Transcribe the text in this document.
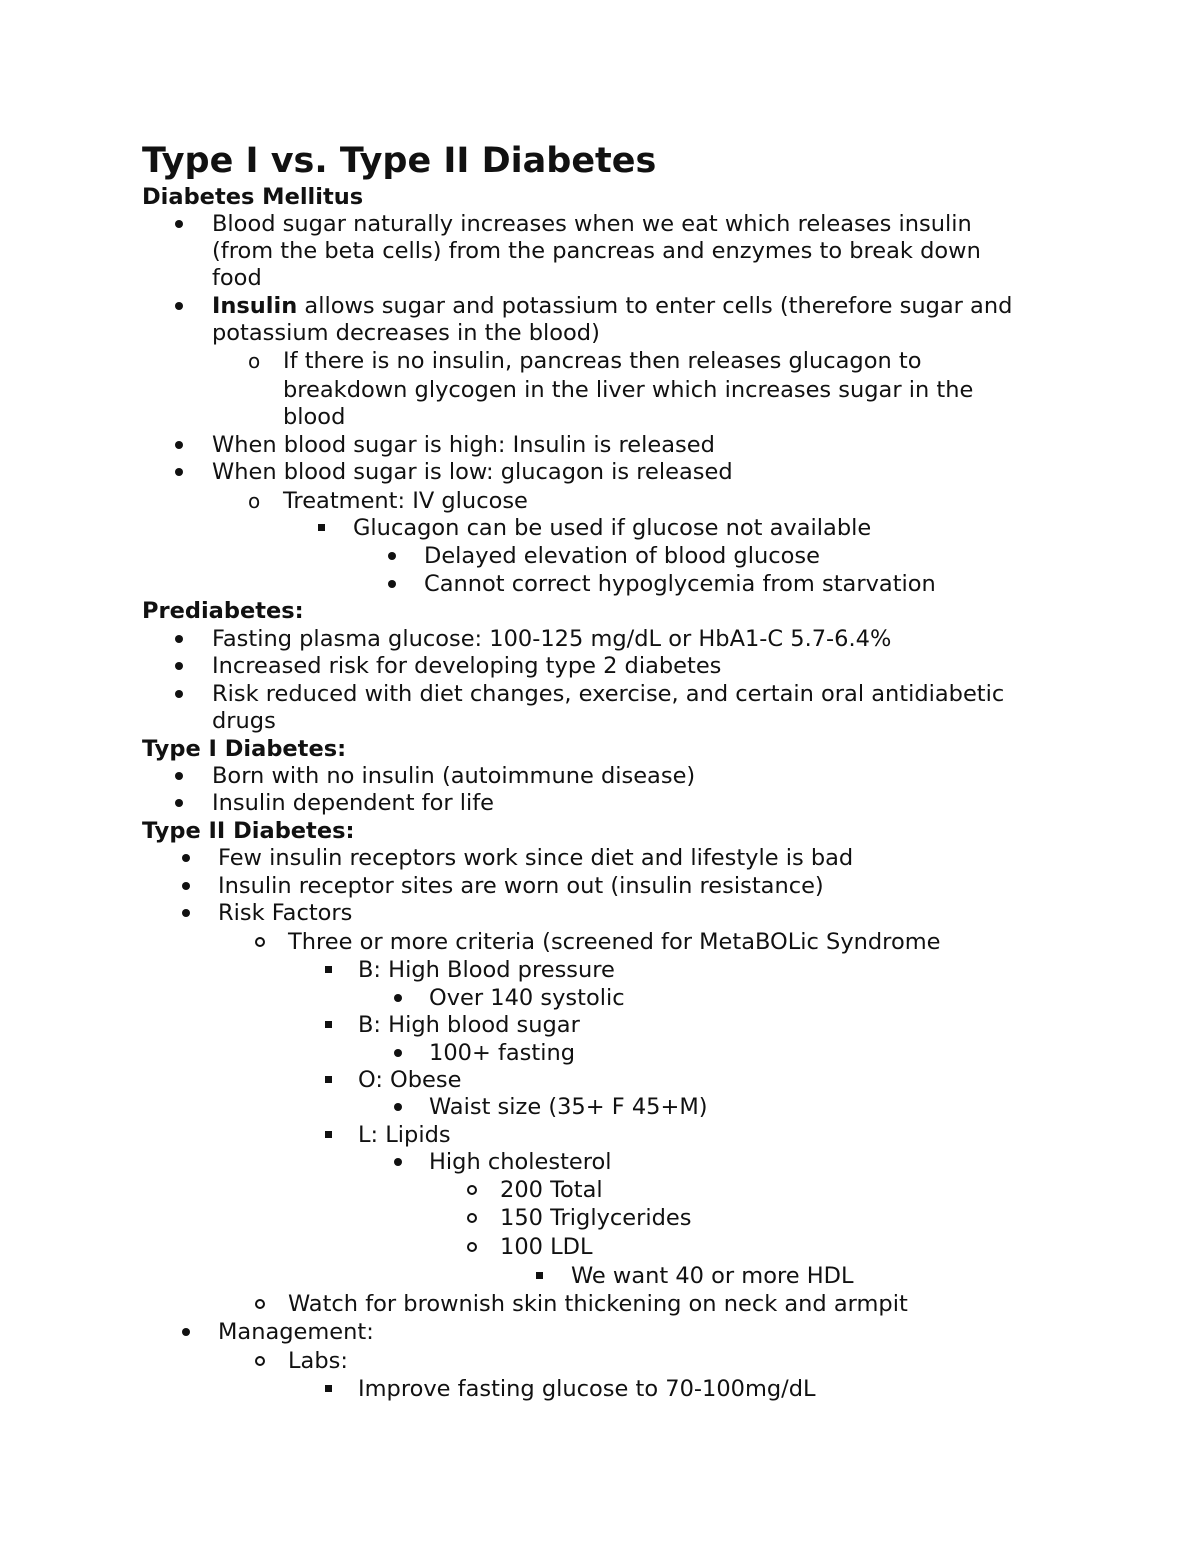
Type I vs. Type II Diabetes
Diabetes Mellitus
Blood sugar naturally increases when we eat which releases insulin
(from the beta cells) from the pancreas and enzymes to break down
food
Insulin allows sugar and potassium to enter cells (therefore sugar and
potassium decreases in the blood)
If there is no insulin, pancreas then releases glucagon to
breakdown glycogen in the liver which increases sugar in the
blood
When blood sugar is high: Insulin is released
When blood sugar is low: glucagon is released
Treatment: IV glucose
Glucagon can be used if glucose not available
Delayed elevation of blood glucose
Cannot correct hypoglycemia from starvation
Prediabetes:
Fasting plasma glucose: 100-125 mg/dL or HbA1-C 5.7-6.4%
Increased risk for developing type 2 diabetes
Risk reduced with diet changes, exercise, and certain oral antidiabetic
drugs
Type I Diabetes:
Born with no insulin (autoimmune disease)
Insulin dependent for life
Type II Diabetes:
Few insulin receptors work since diet and lifestyle is bad
Insulin receptor sites are worn out (insulin resistance)
Risk Factors
Three or more criteria (screened for MetaBOLic Syndrome
B: High Blood pressure
Over 140 systolic
B: High blood sugar
100+ fasting
O: Obese
Waist size (35+ F 45+M)
L: Lipids
High cholesterol
200 Total
150 Triglycerides
100 LDL
We want 40 or more HDL
Watch for brownish skin thickening on neck and armpit
Management:
Labs:
Improve fasting glucose to 70-100mg/dL
